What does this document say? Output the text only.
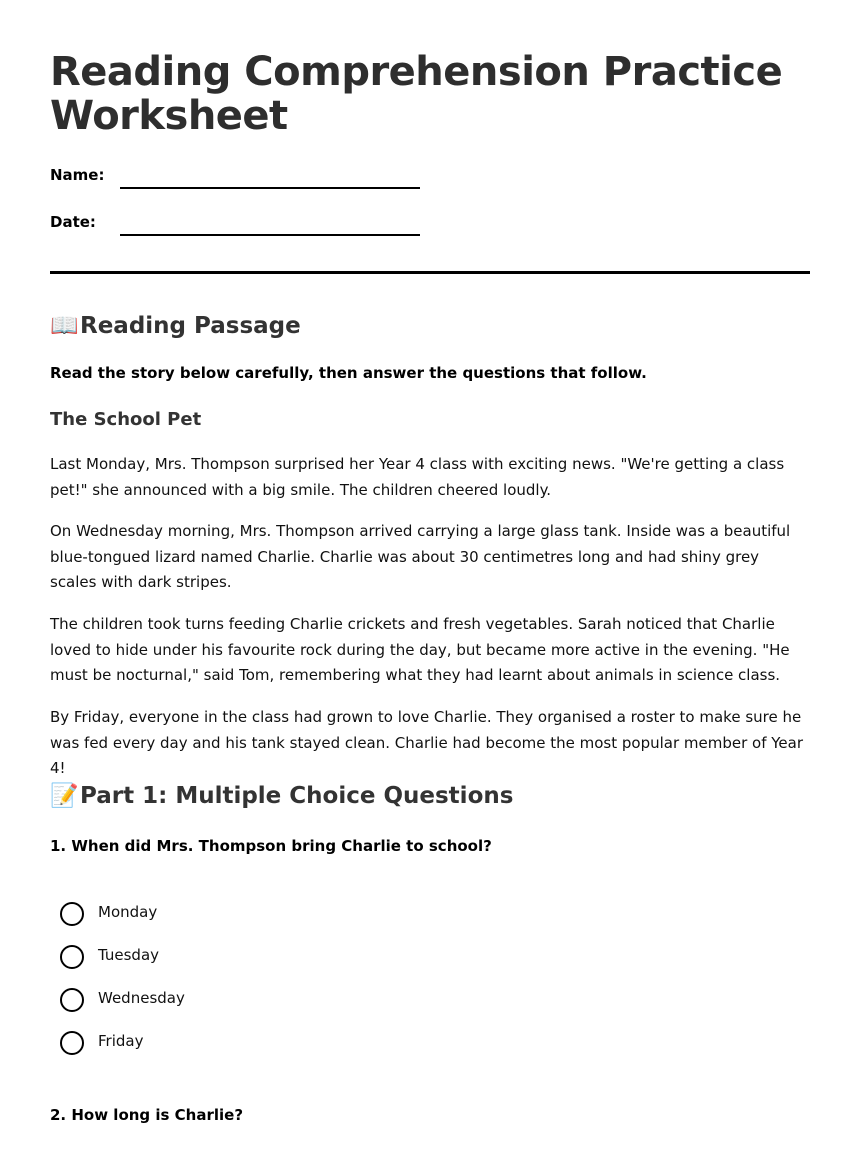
Reading Comprehension Practice Worksheet
Name:
Date:
📖Reading Passage
Read the story below carefully, then answer the questions that follow.
The School Pet

Last Monday, Mrs. Thompson surprised her Year 4 class with exciting news. "We're getting a class pet!" she announced with a big smile. The children cheered loudly.

On Wednesday morning, Mrs. Thompson arrived carrying a large glass tank. Inside was a beautiful blue-tongued lizard named Charlie. Charlie was about 30 centimetres long and had shiny grey scales with dark stripes.

The children took turns feeding Charlie crickets and fresh vegetables. Sarah noticed that Charlie loved to hide under his favourite rock during the day, but became more active in the evening. "He must be nocturnal," said Tom, remembering what they had learnt about animals in science class.

By Friday, everyone in the class had grown to love Charlie. They organised a roster to make sure he was fed every day and his tank stayed clean. Charlie had become the most popular member of Year 4!

📝Part 1: Multiple Choice Questions

1. When did Mrs. Thompson bring Charlie to school?

Monday
Tuesday
Wednesday
Friday

2. How long is Charlie?
